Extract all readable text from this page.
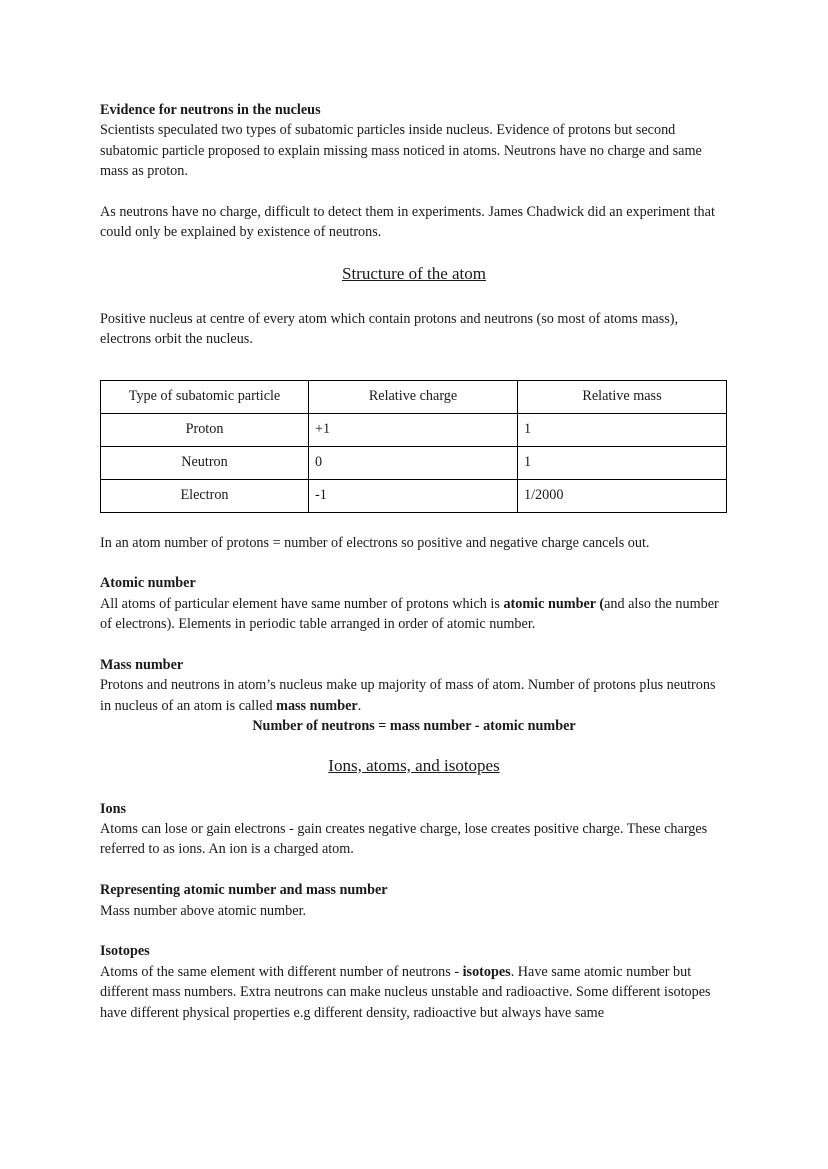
Evidence for neutrons in the nucleus

Scientists speculated two types of subatomic particles inside nucleus. Evidence of protons but second subatomic particle proposed to explain missing mass noticed in atoms. Neutrons have no charge and same mass as proton.

As neutrons have no charge, difficult to detect them in experiments. James Chadwick did an experiment that could only be explained by existence of neutrons.

Structure of the atom

Positive nucleus at centre of every atom which contain protons and neutrons (so most of atoms mass), electrons orbit the nucleus.

Type of subatomic particle	Relative charge	Relative mass
Proton	+1	1
Neutron	0	1
Electron	-1	1/2000

In an atom number of protons = number of electrons so positive and negative charge cancels out.

Atomic number

All atoms of particular element have same number of protons which is atomic number (and also the number of electrons). Elements in periodic table arranged in order of atomic number.

Mass number

Protons and neutrons in atom’s nucleus make up majority of mass of atom. Number of protons plus neutrons in nucleus of an atom is called mass number.

Number of neutrons = mass number - atomic number

Ions, atoms, and isotopes

Ions

Atoms can lose or gain electrons - gain creates negative charge, lose creates positive charge. These charges referred to as ions. An ion is a charged atom.

Representing atomic number and mass number

Mass number above atomic number.

Isotopes

Atoms of the same element with different number of neutrons - isotopes. Have same atomic number but different mass numbers. Extra neutrons can make nucleus unstable and radioactive. Some different isotopes have different physical properties e.g different density, radioactive but always have same
